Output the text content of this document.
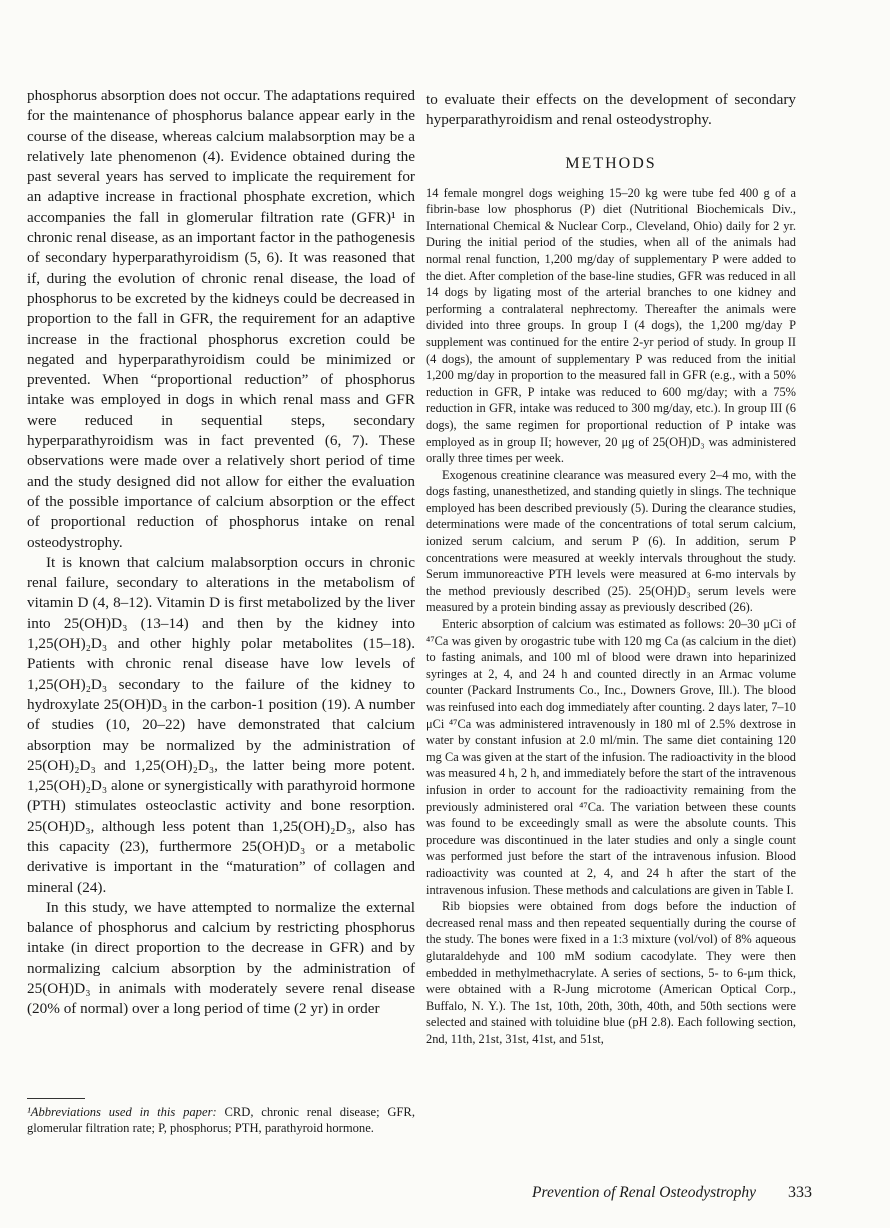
phosphorus absorption does not occur. The adaptations required for the maintenance of phosphorus balance appear early in the course of the disease, whereas calcium malabsorption may be a relatively late phenomenon (4). Evidence obtained during the past several years has served to implicate the requirement for an adaptive increase in fractional phosphate excretion, which accompanies the fall in glomerular filtration rate (GFR)¹ in chronic renal disease, as an important factor in the pathogenesis of secondary hyperparathyroidism (5, 6). It was reasoned that if, during the evolution of chronic renal disease, the load of phosphorus to be excreted by the kidneys could be decreased in proportion to the fall in GFR, the requirement for an adaptive increase in the fractional phosphorus excretion could be negated and hyperparathyroidism could be minimized or prevented. When “proportional reduction” of phosphorus intake was employed in dogs in which renal mass and GFR were reduced in sequential steps, secondary hyperparathyroidism was in fact prevented (6, 7). These observations were made over a relatively short period of time and the study designed did not allow for either the evaluation of the possible importance of calcium absorption or the effect of proportional reduction of phosphorus intake on renal osteodystrophy.

It is known that calcium malabsorption occurs in chronic renal failure, secondary to alterations in the metabolism of vitamin D (4, 8–12). Vitamin D is first metabolized by the liver into 25(OH)D₃ (13–14) and then by the kidney into 1,25(OH)₂D₃ and other highly polar metabolites (15–18). Patients with chronic renal disease have low levels of 1,25(OH)₂D₃ secondary to the failure of the kidney to hydroxylate 25(OH)D₃ in the carbon-1 position (19). A number of studies (10, 20–22) have demonstrated that calcium absorption may be normalized by the administration of 25(OH)₂D₃ and 1,25(OH)₂D₃, the latter being more potent. 1,25(OH)₂D₃ alone or synergistically with parathyroid hormone (PTH) stimulates osteoclastic activity and bone resorption. 25(OH)D₃, although less potent than 1,25(OH)₂D₃, also has this capacity (23), furthermore 25(OH)D₃ or a metabolic derivative is important in the “maturation” of collagen and mineral (24).

In this study, we have attempted to normalize the external balance of phosphorus and calcium by restricting phosphorus intake (in direct proportion to the decrease in GFR) and by normalizing calcium absorption by the administration of 25(OH)D₃ in animals with moderately severe renal disease (20% of normal) over a long period of time (2 yr) in order

to evaluate their effects on the development of secondary hyperparathyroidism and renal osteodystrophy.

METHODS

14 female mongrel dogs weighing 15–20 kg were tube fed 400 g of a fibrin-base low phosphorus (P) diet (Nutritional Biochemicals Div., International Chemical & Nuclear Corp., Cleveland, Ohio) daily for 2 yr. During the initial period of the studies, when all of the animals had normal renal function, 1,200 mg/day of supplementary P were added to the diet. After completion of the base-line studies, GFR was reduced in all 14 dogs by ligating most of the arterial branches to one kidney and performing a contralateral nephrectomy. Thereafter the animals were divided into three groups. In group I (4 dogs), the 1,200 mg/day P supplement was continued for the entire 2-yr period of study. In group II (4 dogs), the amount of supplementary P was reduced from the initial 1,200 mg/day in proportion to the measured fall in GFR (e.g., with a 50% reduction in GFR, P intake was reduced to 600 mg/day; with a 75% reduction in GFR, intake was reduced to 300 mg/day, etc.). In group III (6 dogs), the same regimen for proportional reduction of P intake was employed as in group II; however, 20 μg of 25(OH)D₃ was administered orally three times per week.

Exogenous creatinine clearance was measured every 2–4 mo, with the dogs fasting, unanesthetized, and standing quietly in slings. The technique employed has been described previously (5). During the clearance studies, determinations were made of the concentrations of total serum calcium, ionized serum calcium, and serum P (6). In addition, serum P concentrations were measured at weekly intervals throughout the study. Serum immunoreactive PTH levels were measured at 6-mo intervals by the method previously described (25). 25(OH)D₃ serum levels were measured by a protein binding assay as previously described (26).

Enteric absorption of calcium was estimated as follows: 20–30 μCi of ⁴⁷Ca was given by orogastric tube with 120 mg Ca (as calcium in the diet) to fasting animals, and 100 ml of blood were drawn into heparinized syringes at 2, 4, and 24 h and counted directly in an Armac volume counter (Packard Instruments Co., Inc., Downers Grove, Ill.). The blood was reinfused into each dog immediately after counting. 2 days later, 7–10 μCi ⁴⁷Ca was administered intravenously in 180 ml of 2.5% dextrose in water by constant infusion at 2.0 ml/min. The same diet containing 120 mg Ca was given at the start of the infusion. The radioactivity in the blood was measured 4 h, 2 h, and immediately before the start of the intravenous infusion in order to account for the radioactivity remaining from the previously administered oral ⁴⁷Ca. The variation between these counts was found to be exceedingly small as were the absolute counts. This procedure was discontinued in the later studies and only a single count was performed just before the start of the intravenous infusion. Blood radioactivity was counted at 2, 4, and 24 h after the start of the intravenous infusion. These methods and calculations are given in Table I.

Rib biopsies were obtained from dogs before the induction of decreased renal mass and then repeated sequentially during the course of the study. The bones were fixed in a 1:3 mixture (vol/vol) of 8% aqueous glutaraldehyde and 100 mM sodium cacodylate. They were then embedded in methylmethacrylate. A series of sections, 5- to 6-μm thick, were obtained with a R-Jung microtome (American Optical Corp., Buffalo, N. Y.). The 1st, 10th, 20th, 30th, 40th, and 50th sections were selected and stained with toluidine blue (pH 2.8). Each following section, 2nd, 11th, 21st, 31st, 41st, and 51st,

¹Abbreviations used in this paper: CRD, chronic renal disease; GFR, glomerular filtration rate; P, phosphorus; PTH, parathyroid hormone.
Prevention of Renal Osteodystrophy 333
